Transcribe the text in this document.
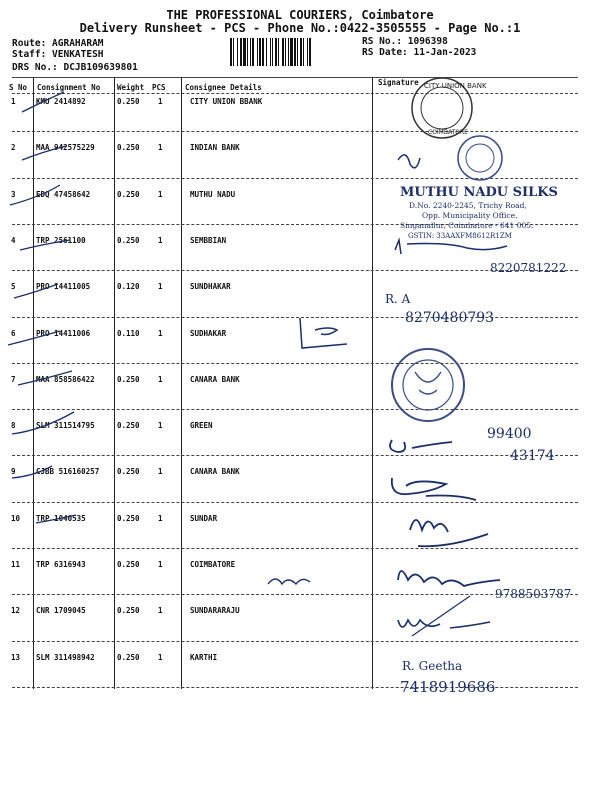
THE PROFESSIONAL COURIERS, Coimbatore
Delivery Runsheet - PCS - Phone No.:0422-3505555 - Page No.:1
Route: AGRAHARAM
Staff: VENKATESH
DRS No.: DCJB109639801
RS No.: 1096398
RS Date: 11-Jan-2023
S No Consignment No Weight PCS	Consignee Details
Signature
1	KMU 2414892	0.250 1	CITY UNION BBANK
2	MAA 942575229	0.250 1	INDIAN BANK
3	EDQ 47458642	0.250 1	MUTHU NADU
4	TRP 2561100	0.250 1	SEMBBIAN
5	PRO 14411005	0.120 1	SUNDHAKAR
6	PRO 14411006	0.110 1	SUDHAKAR
7	MAA 858586422	0.250 1	CANARA BANK
8	SLM 311514795	0.250 1	GREEN
9	CJBB 516160257 0.250 1	CANARA BANK
10 TRP 1040535	0.250 1	SUNDAR
11 TRP 6316943	0.250 1	COIMBATORE
12 CNR 1709045	0.250 1	SUNDARARAJU
13 SLM 311498942	0.250 1	KARTHI
CITY UNION BANK
COIMBATORE
MUTHU NADU SILKS
D.No. 2240-2245, Trichy Road,
Opp. Municipality Office,
Singanallur, Coimbatore - 641 005.
GSTIN: 33AAXFM8612R1ZM
8220781222
R. A
8270480793
99400
43174
9788503787
R. Geetha
7418919686
